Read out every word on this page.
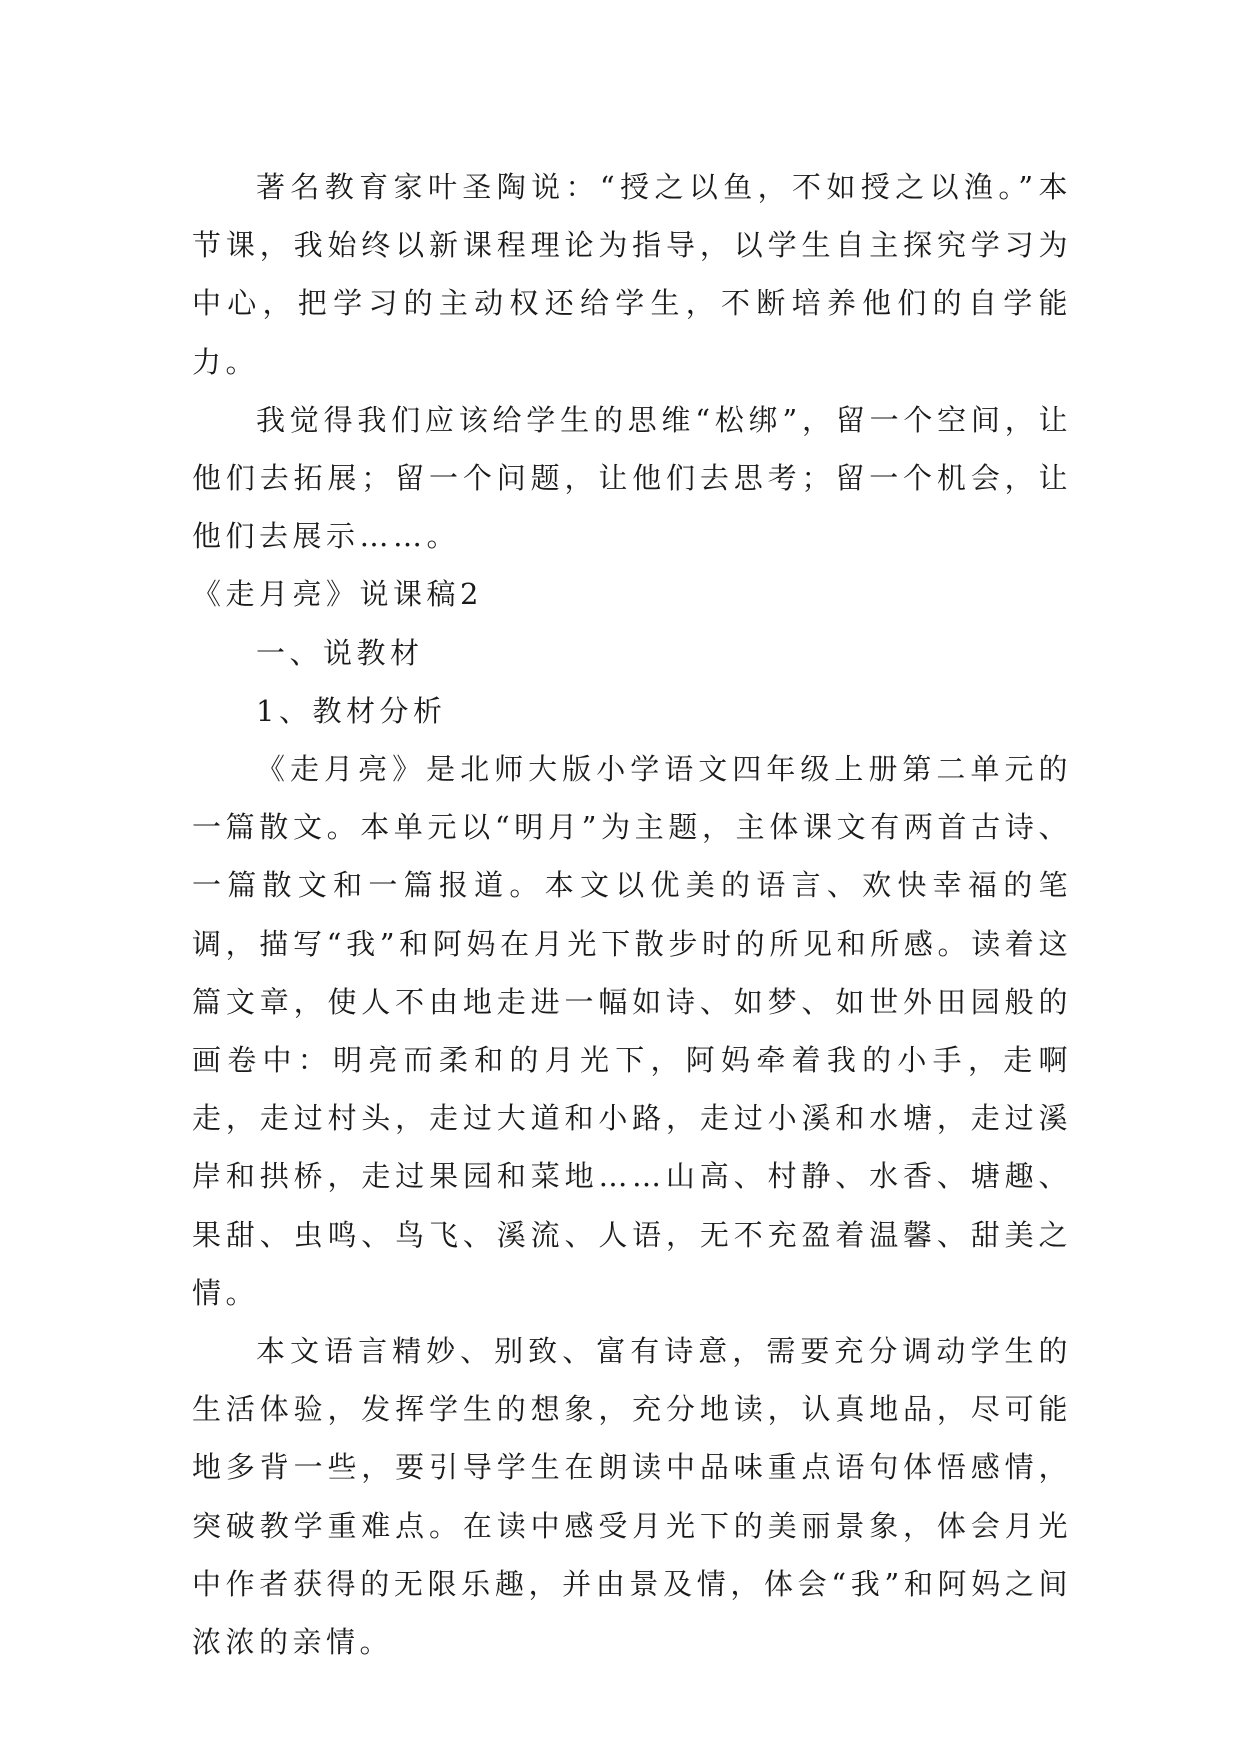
著名教育家叶圣陶说：“授之以鱼，不如授之以渔。”本节课，我始终以新课程理论为指导，以学生自主探究学习为中心，把学习的主动权还给学生，不断培养他们的自学能力。

我觉得我们应该给学生的思维“松绑”，留一个空间，让他们去拓展；留一个问题，让他们去思考；留一个机会，让他们去展示……。

《走月亮》说课稿2

一、说教材

1、教材分析

《走月亮》是北师大版小学语文四年级上册第二单元的一篇散文。本单元以“明月”为主题，主体课文有两首古诗、一篇散文和一篇报道。本文以优美的语言、欢快幸福的笔调，描写“我”和阿妈在月光下散步时的所见和所感。读着这篇文章，使人不由地走进一幅如诗、如梦、如世外田园般的画卷中：明亮而柔和的月光下，阿妈牵着我的小手，走啊走，走过村头，走过大道和小路，走过小溪和水塘，走过溪岸和拱桥，走过果园和菜地……山高、村静、水香、塘趣、果甜、虫鸣、鸟飞、溪流、人语，无不充盈着温馨、甜美之情。

本文语言精妙、别致、富有诗意，需要充分调动学生的生活体验，发挥学生的想象，充分地读，认真地品，尽可能地多背一些，要引导学生在朗读中品味重点语句体悟感情，突破教学重难点。在读中感受月光下的美丽景象，体会月光中作者获得的无限乐趣，并由景及情，体会“我”和阿妈之间浓浓的亲情。
